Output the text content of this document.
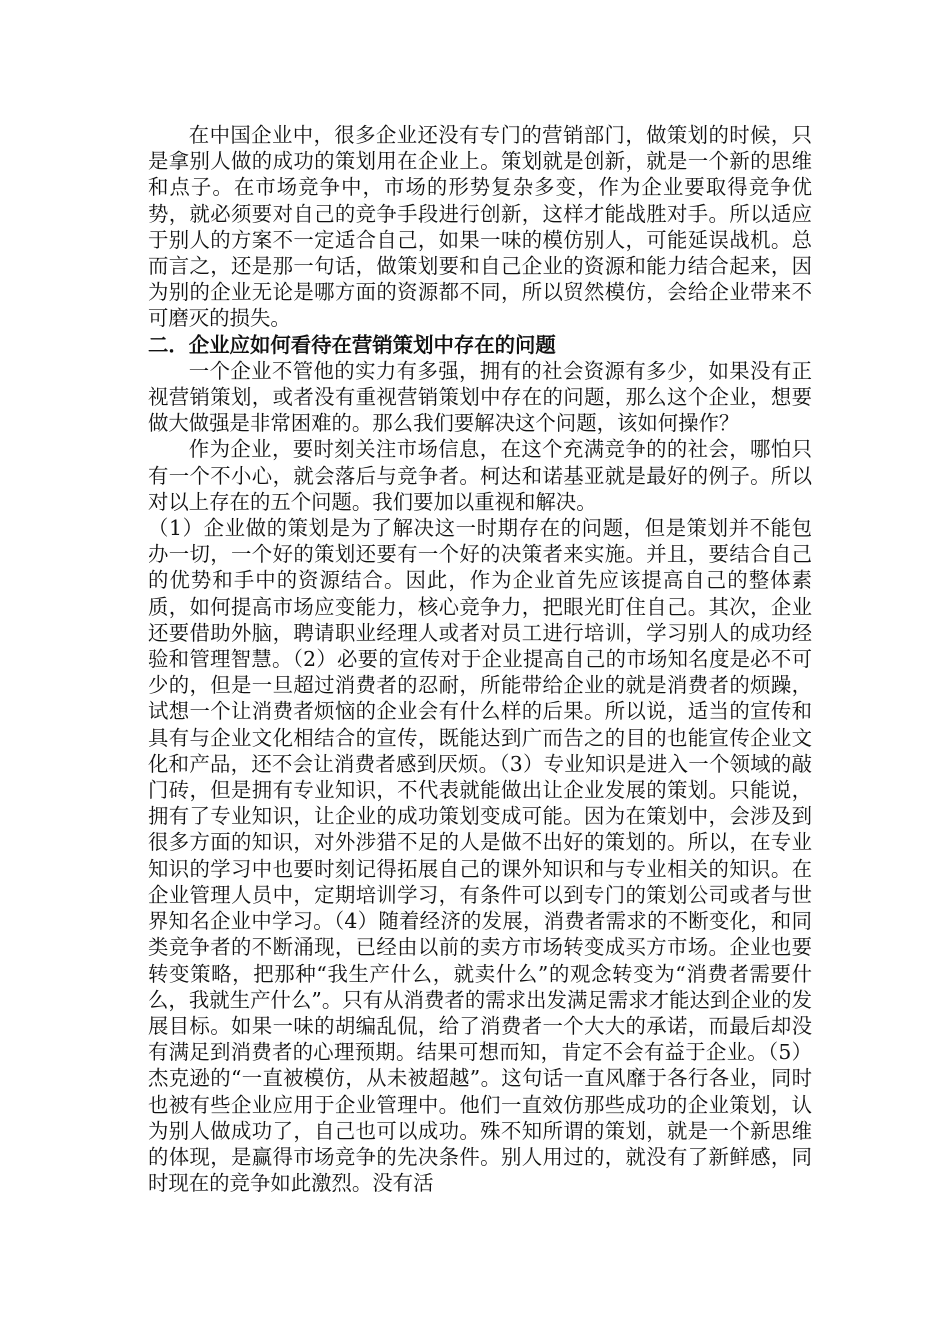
在中国企业中，很多企业还没有专门的营销部门，做策划的时候，只是拿别人做的成功的策划用在企业上。策划就是创新，就是一个新的思维和点子。在市场竞争中，市场的形势复杂多变，作为企业要取得竞争优势，就必须要对自己的竞争手段进行创新，这样才能战胜对手。所以适应于别人的方案不一定适合自己，如果一味的模仿别人，可能延误战机。总而言之，还是那一句话，做策划要和自己企业的资源和能力结合起来，因为别的企业无论是哪方面的资源都不同，所以贸然模仿，会给企业带来不可磨灭的损失。

二．企业应如何看待在营销策划中存在的问题

一个企业不管他的实力有多强，拥有的社会资源有多少，如果没有正视营销策划，或者没有重视营销策划中存在的问题，那么这个企业，想要做大做强是非常困难的。那么我们要解决这个问题，该如何操作？

作为企业，要时刻关注市场信息，在这个充满竞争的的社会，哪怕只有一个不小心，就会落后与竞争者。柯达和诺基亚就是最好的例子。所以对以上存在的五个问题。我们要加以重视和解决。

（1）企业做的策划是为了解决这一时期存在的问题，但是策划并不能包办一切，一个好的策划还要有一个好的决策者来实施。并且，要结合自己的优势和手中的资源结合。因此，作为企业首先应该提高自己的整体素质，如何提高市场应变能力，核心竞争力，把眼光盯住自己。其次，企业还要借助外脑，聘请职业经理人或者对员工进行培训，学习别人的成功经验和管理智慧。（2）必要的宣传对于企业提高自己的市场知名度是必不可少的，但是一旦超过消费者的忍耐，所能带给企业的就是消费者的烦躁，试想一个让消费者烦恼的企业会有什么样的后果。所以说，适当的宣传和具有与企业文化相结合的宣传，既能达到广而告之的目的也能宣传企业文化和产品，还不会让消费者感到厌烦。（3）专业知识是进入一个领域的敲门砖，但是拥有专业知识，不代表就能做出让企业发展的策划。只能说，拥有了专业知识，让企业的成功策划变成可能。因为在策划中，会涉及到很多方面的知识，对外涉猎不足的人是做不出好的策划的。所以，在专业知识的学习中也要时刻记得拓展自己的课外知识和与专业相关的知识。在企业管理人员中，定期培训学习，有条件可以到专门的策划公司或者与世界知名企业中学习。（4）随着经济的发展，消费者需求的不断变化，和同类竞争者的不断涌现，已经由以前的卖方市场转变成买方市场。企业也要转变策略，把那种“我生产什么，就卖什么”的观念转变为“消费者需要什么，我就生产什么”。只有从消费者的需求出发满足需求才能达到企业的发展目标。如果一味的胡编乱侃，给了消费者一个大大的承诺，而最后却没有满足到消费者的心理预期。结果可想而知，肯定不会有益于企业。（5）杰克逊的“一直被模仿，从未被超越”。这句话一直风靡于各行各业，同时也被有些企业应用于企业管理中。他们一直效仿那些成功的企业策划，认为别人做成功了，自己也可以成功。殊不知所谓的策划，就是一个新思维的体现，是赢得市场竞争的先决条件。别人用过的，就没有了新鲜感，同时现在的竞争如此激烈。没有活
